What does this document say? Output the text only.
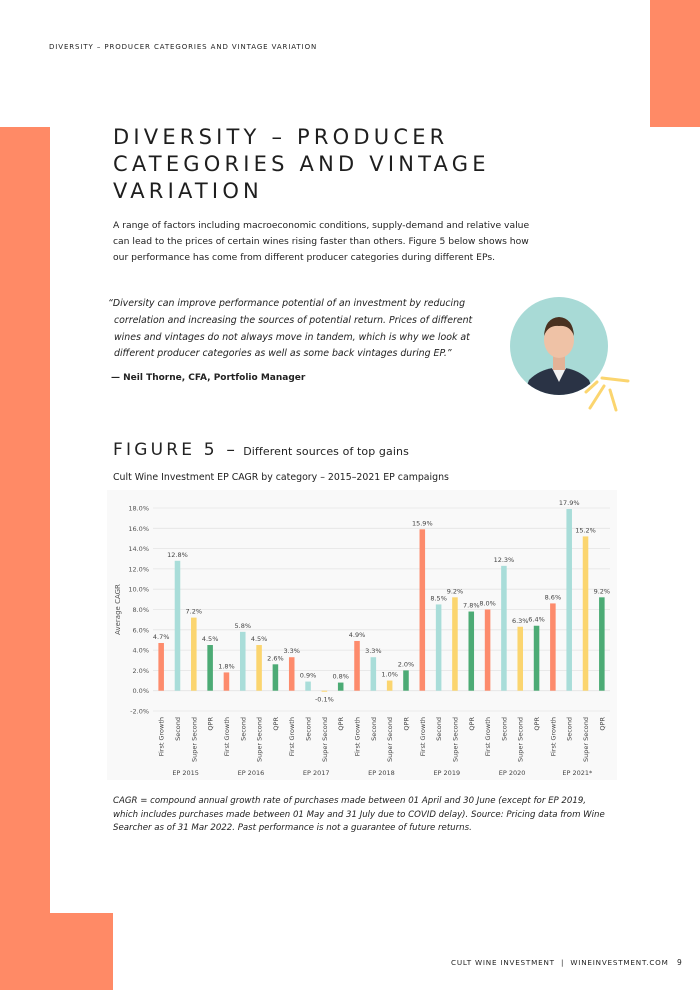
DIVERSITY – PRODUCER CATEGORIES AND VINTAGE VARIATION
DIVERSITY – PRODUCER
CATEGORIES AND VINTAGE
VARIATION

A range of factors including macroeconomic conditions, supply-demand and relative value
can lead to the prices of certain wines rising faster than others. Figure 5 below shows how
our performance has come from different producer categories during different EPs.

“Diversity can improve performance potential of an investment by reducing
correlation and increasing the sources of potential return. Prices of different
wines and vintages do not always move in tandem, which is why we look at
different producer categories as well as some back vintages during EP.”

— Neil Thorne, CFA, Portfolio Manager
FIGURE 5 – Different sources of top gains
Cult Wine Investment EP CAGR by category – 2015–2021 EP campaigns
-2.0%
0.0%
2.0%
4.0%
6.0%
8.0%
10.0%
12.0%
14.0%
16.0%
18.0%
Average CAGR
4.7%
First Growth
12.8%
Second
7.2%
Super Second
4.5%
QPR
EP 2015
1.8%
First Growth
5.8%
Second
4.5%
Super Second
2.6%
QPR
EP 2016
3.3%
First Growth
0.9%
Second
-0.1%
Super Second
0.8%
QPR
EP 2017
4.9%
First Growth
3.3%
Second
1.0%
Super Second
2.0%
QPR
EP 2018
15.9%
First Growth
8.5%
Second
9.2%
Super Second
7.8%
QPR
EP 2019
8.0%
First Growth
12.3%
Second
6.3%
Super Second
6.4%
QPR
EP 2020
8.6%
First Growth
17.9%
Second
15.2%
Super Second
9.2%
QPR
EP 2021*

CAGR = compound annual growth rate of purchases made between 01 April and 30 June (except for EP 2019,
which includes purchases made between 01 May and 31 July due to COVID delay). Source: Pricing data from Wine
Searcher as of 31 Mar 2022. Past performance is not a guarantee of future returns.

CULT WINE INVESTMENT  |  WINEINVESTMENT.COM 9
